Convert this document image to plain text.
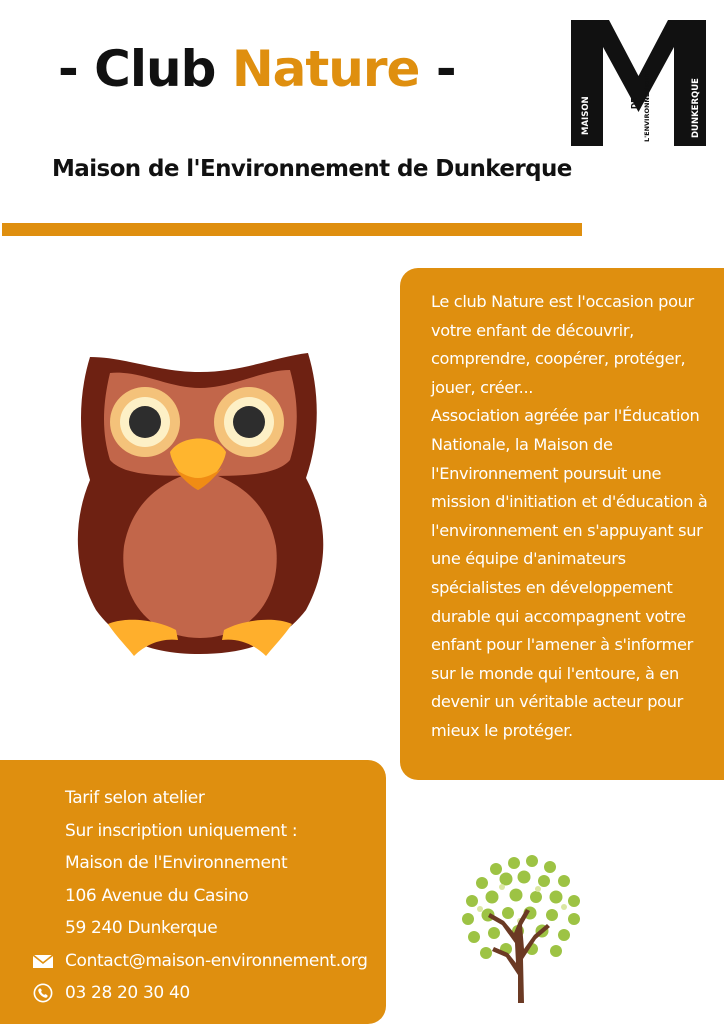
- Club Nature -
Maison de l'Environnement de Dunkerque
MAISON	DE L'ENVIRONNEMENT	DUNKERQUE

Le club Nature est l'occasion pour votre enfant de découvrir, comprendre, coopérer, protéger, jouer, créer...

Association agréée par l'Éducation Nationale, la Maison de l'Environnement poursuit une mission d'initiation et d'éducation à l'environnement en s'appuyant sur une équipe d'animateurs spécialistes en développement durable qui accompagnent votre enfant pour l'amener à s'informer sur le monde qui l'entoure, à en devenir un véritable acteur pour mieux le protéger.

Tarif selon atelier
Sur inscription uniquement :
Maison de l'Environnement
106 Avenue du Casino
59 240 Dunkerque
Contact@maison-environnement.org
03 28 20 30 40
